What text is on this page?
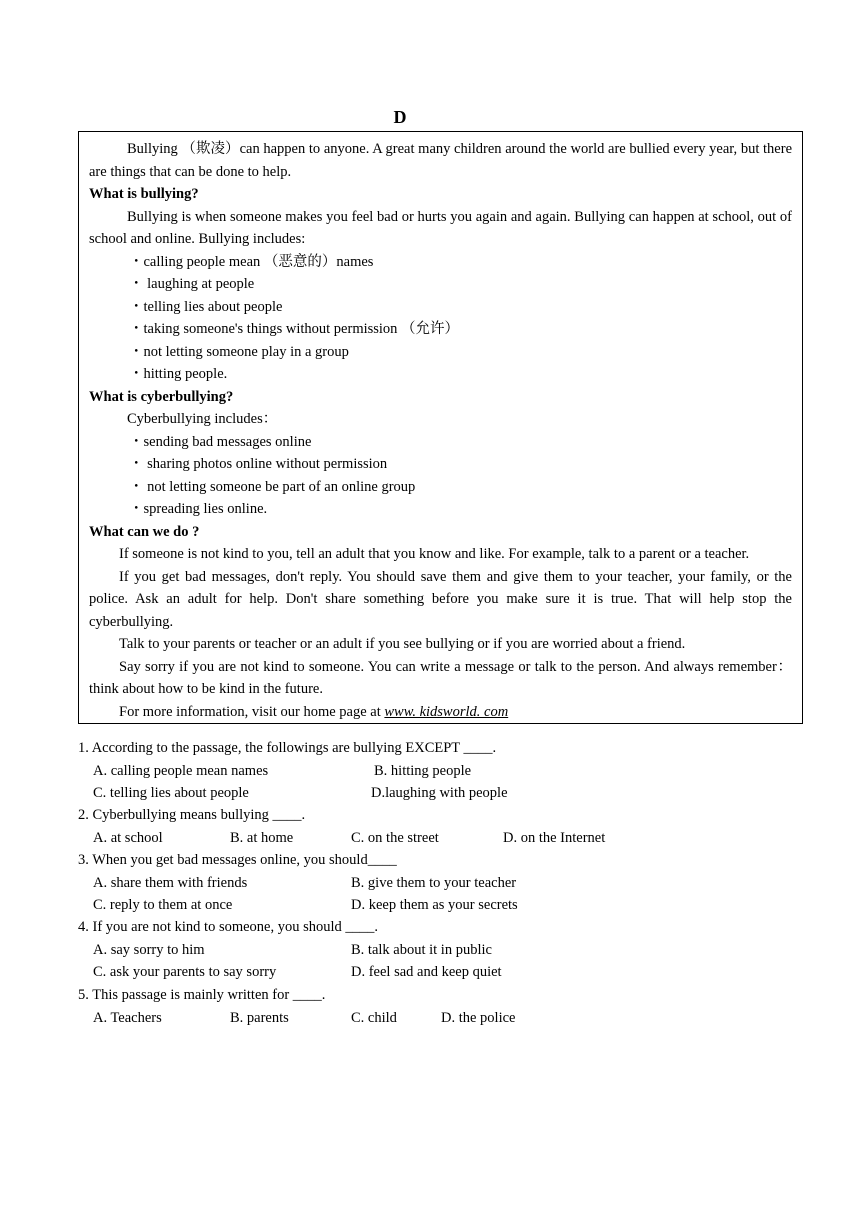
D

Bullying （欺凌）can happen to anyone. A great many children around the world are bullied every year, but there are things that can be done to help.

What is bullying?

Bullying is when someone makes you feel bad or hurts you again and again. Bullying can happen at school, out of school and online. Bullying includes:

・calling people mean （恶意的）names

・ laughing at people

・telling lies about people

・taking someone's things without permission （允许）

・not letting someone play in a group

・hitting people.

What is cyberbullying?

Cyberbullying includes：

・sending bad messages online

・ sharing photos online without permission

・ not letting someone be part of an online group

・spreading lies online.

What can we do ?

If someone is not kind to you, tell an adult that you know and like. For example, talk to a parent or a teacher.

If you get bad messages, don't reply. You should save them and give them to your teacher, your family, or the police. Ask an adult for help. Don't share something before you make sure it is true. That will help stop the cyberbullying.

Talk to your parents or teacher or an adult if you see bullying or if you are worried about a friend.

Say sorry if you are not kind to someone. You can write a message or talk to the person. And always remember： think about how to be kind in the future.

For more information, visit our home page at www. kidsworld. com

1. According to the passage, the followings are bullying EXCEPT ____.

A. calling people mean names	B. hitting people
C. telling lies about people	D.laughing with people

2. Cyberbullying means bullying ____.

A. at school	B. at home	C. on the street	D. on the Internet

3. When you get bad messages online, you should____

A. share them with friends	B. give them to your teacher
C. reply to them at once	D. keep them as your secrets

4. If you are not kind to someone, you should ____.

A. say sorry to him	B. talk about it in public
C. ask your parents to say sorry	D. feel sad and keep quiet

5. This passage is mainly written for ____.

A. Teachers	B. parents	C. child	D. the police
